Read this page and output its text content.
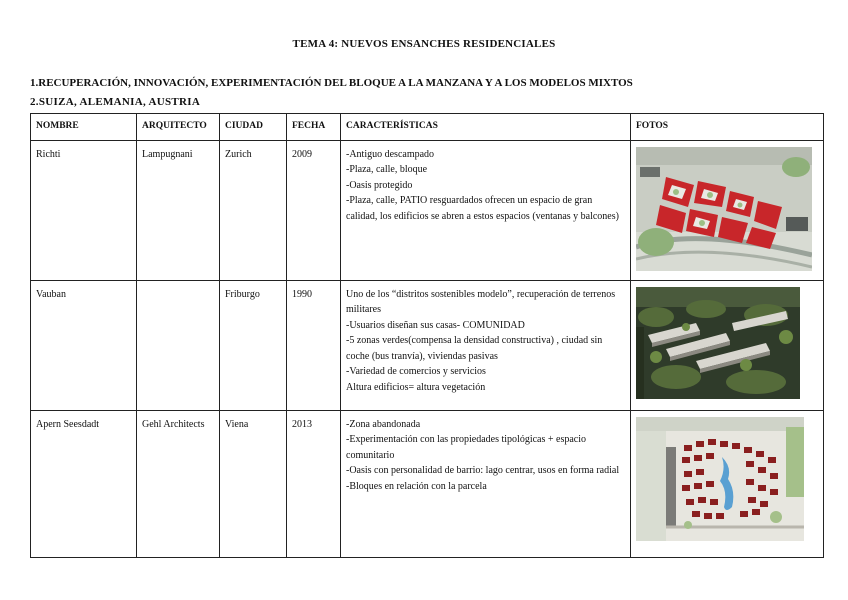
TEMA 4: NUEVOS ENSANCHES RESIDENCIALES
1.RECUPERACIÓN, INNOVACIÓN, EXPERIMENTACIÓN DEL BLOQUE A LA MANZANA Y A LOS MODELOS MIXTOS
2.SUIZA, ALEMANIA, AUSTRIA
NOMBRE	ARQUITECTO	CIUDAD	FECHA	CARACTERÍSTICAS	FOTOS
Richti	Lampugnani	Zurich	2009	-Antiguo descampado
-Plaza, calle, bloque
-Oasis protegido
-Plaza, calle, PATIO resguardados ofrecen un espacio de gran calidad, los edificios se abren a estos espacios (ventanas y balcones)

Vauban		Friburgo	1990	Uno de los “distritos sostenibles modelo”, recuperación de terrenos militares
-Usuarios diseñan sus casas- COMUNIDAD
-5 zonas verdes(compensa la densidad constructiva) , ciudad sin coche (bus tranvía), viviendas pasivas
-Variedad de comercios y servicios
Altura edificios= altura vegetación

Apern Seesdadt	Gehl Architects	Viena	2013	-Zona abandonada
-Experimentación con las propiedades tipológicas + espacio comunitario
-Oasis con personalidad de barrio: lago centrar, usos en forma radial
-Bloques en relación con la parcela
